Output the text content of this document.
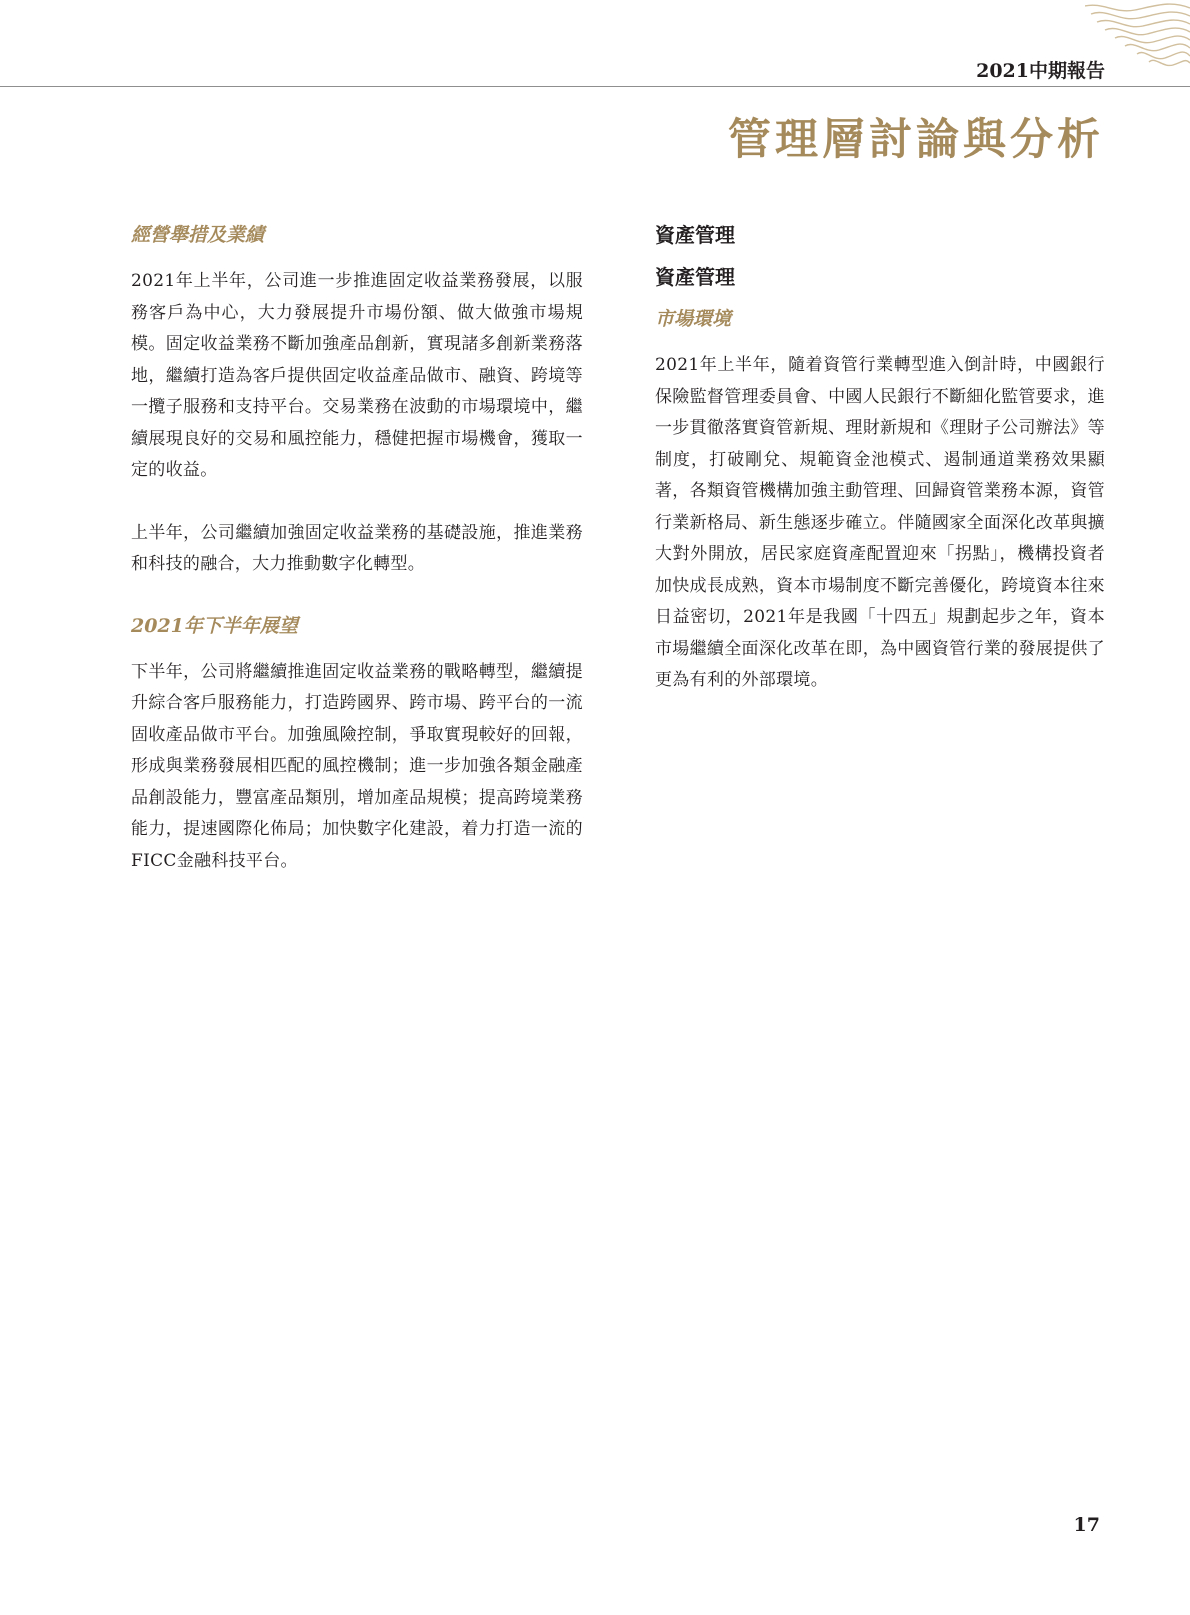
2021中期報告
管理層討論與分析
經營舉措及業績

2021年上半年，公司進一步推進固定收益業務發展，以服務客戶為中心，大力發展提升市場份額、做大做強市場規模。固定收益業務不斷加強產品創新，實現諸多創新業務落地，繼續打造為客戶提供固定收益產品做市、融資、跨境等一攬子服務和支持平台。交易業務在波動的市場環境中，繼續展現良好的交易和風控能力，穩健把握市場機會，獲取一定的收益。

上半年，公司繼續加強固定收益業務的基礎設施，推進業務和科技的融合，大力推動數字化轉型。

2021年下半年展望

下半年，公司將繼續推進固定收益業務的戰略轉型，繼續提升綜合客戶服務能力，打造跨國界、跨市場、跨平台的一流固收產品做市平台。加強風險控制，爭取實現較好的回報，形成與業務發展相匹配的風控機制；進一步加強各類金融產品創設能力，豐富產品類別，增加產品規模；提高跨境業務能力，提速國際化佈局；加快數字化建設，着力打造一流的FICC金融科技平台。

資產管理
資產管理
市場環境

2021年上半年，隨着資管行業轉型進入倒計時，中國銀行保險監督管理委員會、中國人民銀行不斷細化監管要求，進一步貫徹落實資管新規、理財新規和《理財子公司辦法》等制度，打破剛兌、規範資金池模式、遏制通道業務效果顯著，各類資管機構加強主動管理、回歸資管業務本源，資管行業新格局、新生態逐步確立。伴隨國家全面深化改革與擴大對外開放，居民家庭資產配置迎來「拐點」，機構投資者加快成長成熟，資本市場制度不斷完善優化，跨境資本往來日益密切，2021年是我國「十四五」規劃起步之年，資本市場繼續全面深化改革在即，為中國資管行業的發展提供了更為有利的外部環境。

17
